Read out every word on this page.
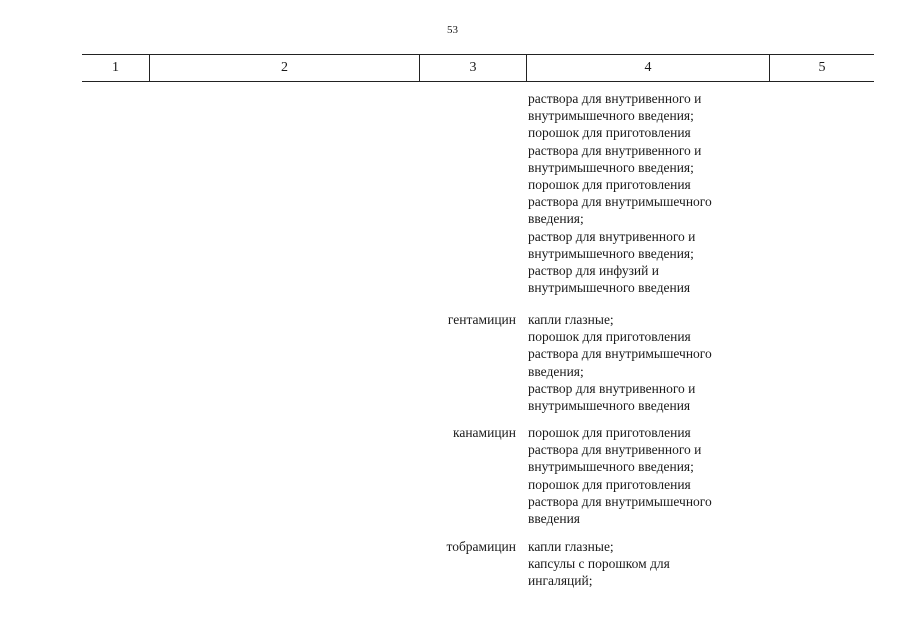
53
1	2	3	4	5
раствора для внутривенного и
внутримышечного введения;
порошок для приготовления
раствора для внутривенного и
внутримышечного введения;
порошок для приготовления
раствора для внутримышечного
введения;
раствор для внутривенного и
внутримышечного введения;
раствор для инфузий и
внутримышечного введения
гентамицин капли глазные;
порошок для приготовления
раствора для внутримышечного
введения;
раствор для внутривенного и
внутримышечного введения
канамицин порошок для приготовления
раствора для внутривенного и
внутримышечного введения;
порошок для приготовления
раствора для внутримышечного
введения
тобрамицин капли глазные;
капсулы с порошком для
ингаляций;
